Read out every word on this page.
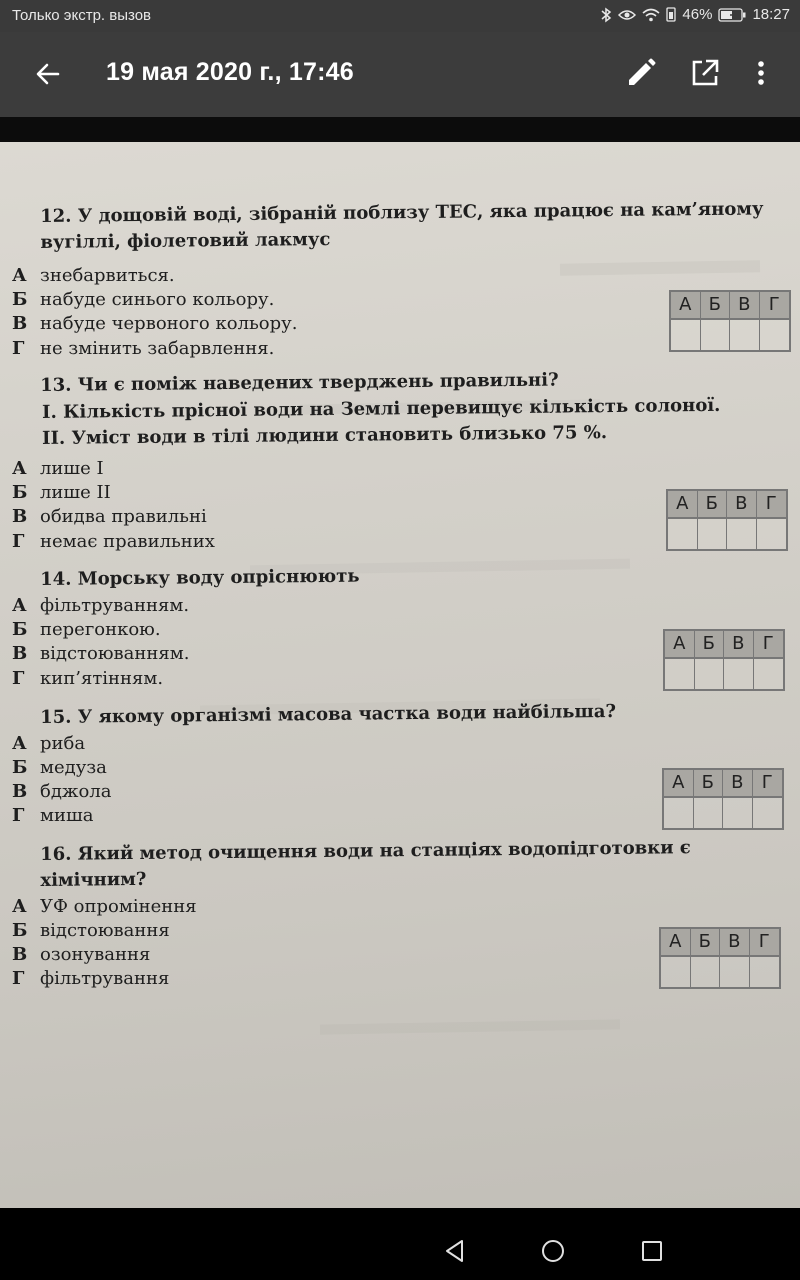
Только экстр. вызов	46%	18:27
19 мая 2020 г., 17:46
12. У дощовій воді, зібраній поблизу ТЕС, яка працює на кам’яному вугіллі, фіолетовий лакмус
А знебарвиться.
Б набуде синього кольору.
В набуде червоного кольору.
Г не змінить забарвлення.
А Б В	Г
13. Чи є поміж наведених тверджень правильні?
І. Кількість прісної води на Землі перевищує кількість солоної.
ІІ. Уміст води в тілі людини становить близько 75 %.
А лише І
Б лише ІІ
В обидва правильні
Г немає правильних
А Б В	Г
14. Морську воду опріснюють
А фільтруванням.
Б перегонкою.
В відстоюванням.
Г кип’ятінням.
А Б В	Г
15. У якому організмі масова частка води найбільша?
А риба
Б медуза
В бджола
Г миша
А Б В	Г
16. Який метод очищення води на станціях водопідготовки є хімічним?
А УФ опромінення
Б відстоювання
В озонування
Г фільтрування
А Б В	Г
